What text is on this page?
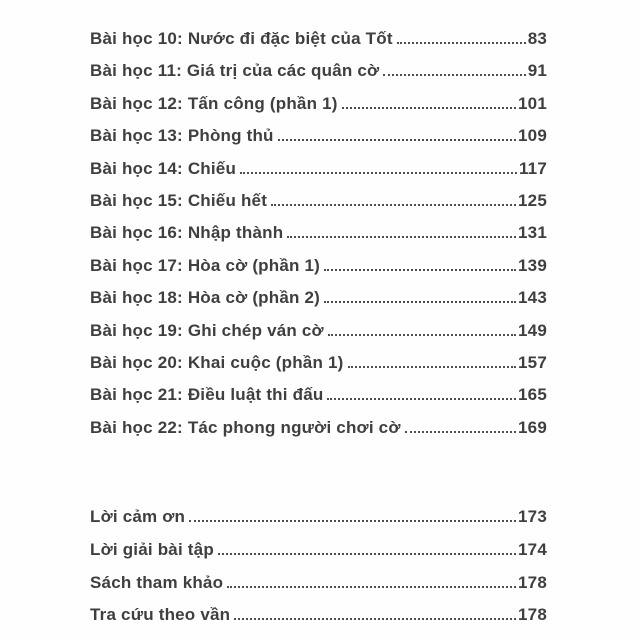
Bài học 10: Nước đi đặc biệt của Tốt	83
Bài học 11: Giá trị của các quân cờ	91
Bài học 12: Tấn công (phần 1)	101
Bài học 13: Phòng thủ	109
Bài học 14: Chiếu	117
Bài học 15: Chiếu hết	125
Bài học 16: Nhập thành	131
Bài học 17: Hòa cờ (phần 1)	139
Bài học 18: Hòa cờ (phần 2)	143
Bài học 19: Ghi chép ván cờ	149
Bài học 20: Khai cuộc (phần 1)	157
Bài học 21: Điều luật thi đấu	165
Bài học 22: Tác phong người chơi cờ	169
Lời cảm ơn	173
Lời giải bài tập	174
Sách tham khảo	178
Tra cứu theo vần	178
